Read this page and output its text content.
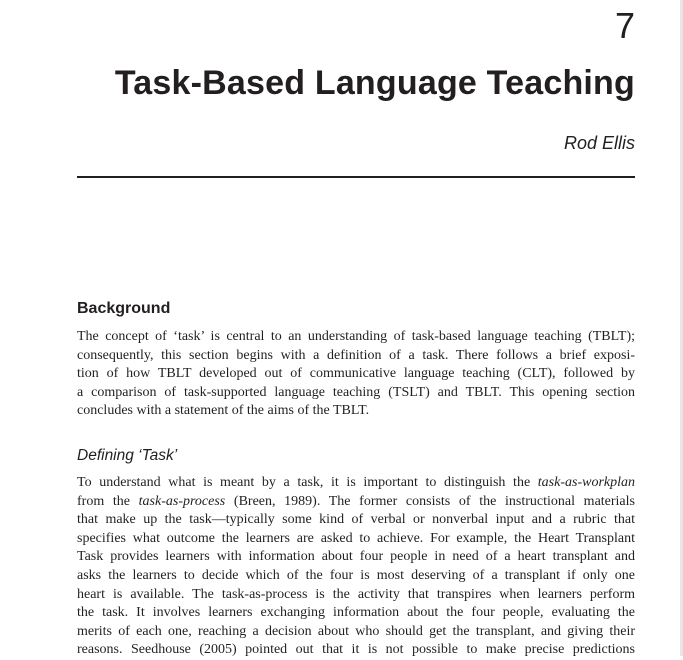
7
Task-Based Language Teaching
Rod Ellis
Background
The concept of ‘task’ is central to an understanding of task-based language teaching (TBLT);
consequently, this section begins with a definition of a task. There follows a brief exposi-
tion of how TBLT developed out of communicative language teaching (CLT), followed by
a comparison of task-supported language teaching (TSLT) and TBLT. This opening section
concludes with a statement of the aims of the TBLT.
Defining ‘Task’
To understand what is meant by a task, it is important to distinguish the task-as-workplan
from the task-as-process (Breen, 1989). The former consists of the instructional materials
that make up the task—typically some kind of verbal or nonverbal input and a rubric that
specifies what outcome the learners are asked to achieve. For example, the Heart Transplant
Task provides learners with information about four people in need of a heart transplant and
asks the learners to decide which of the four is most deserving of a transplant if only one
heart is available. The task-as-process is the activity that transpires when learners perform
the task. It involves learners exchanging information about the four people, evaluating the
merits of each one, reaching a decision about who should get the transplant, and giving their
reasons. Seedhouse (2005) pointed out that it is not possible to make precise predictions
